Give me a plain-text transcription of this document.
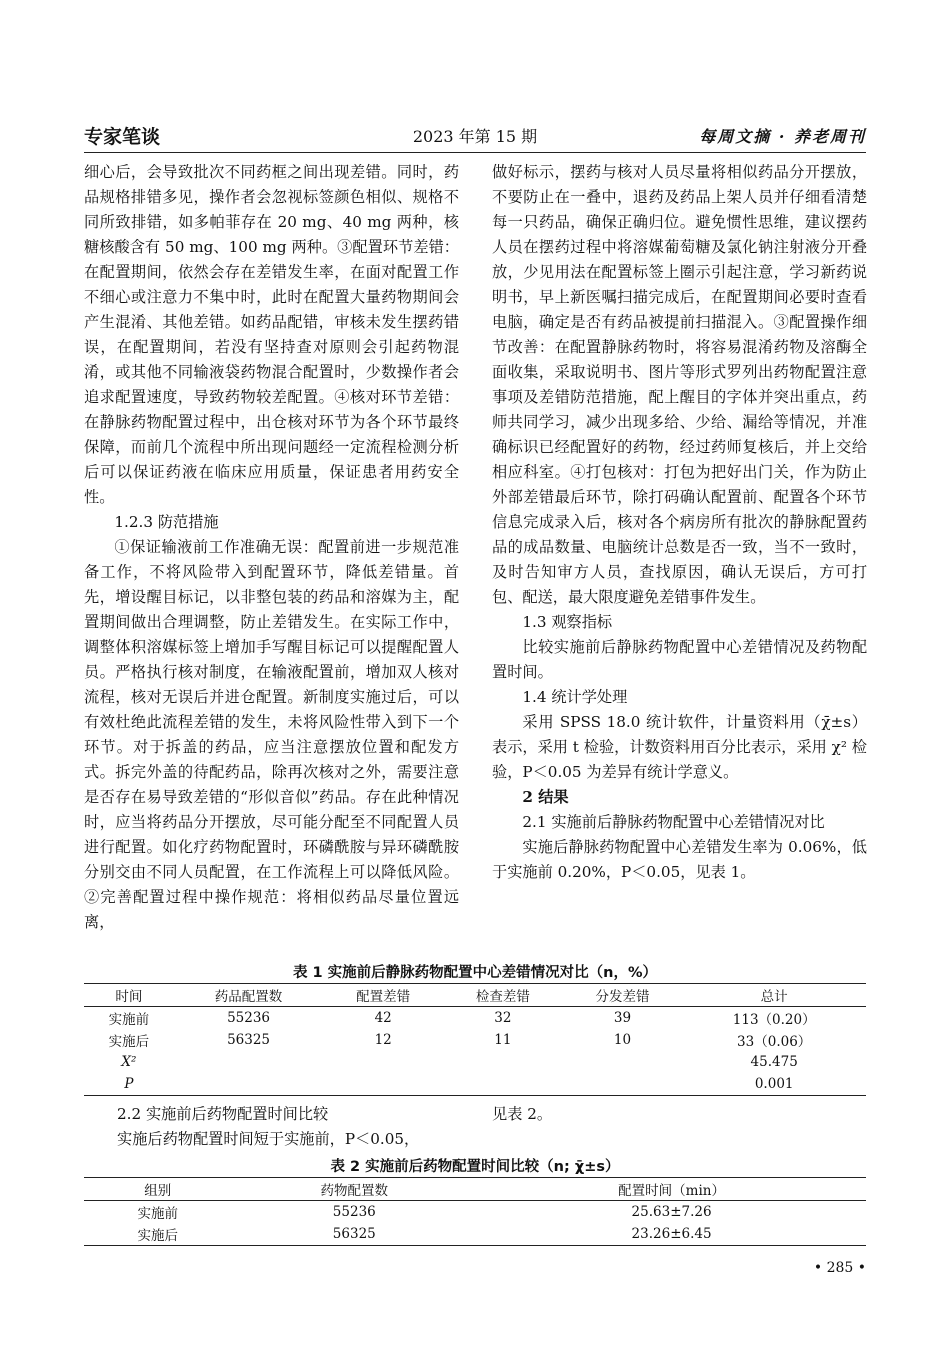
专家笔谈	2023 年第 15 期	每周文摘 · 养老周刊

细心后，会导致批次不同药框之间出现差错。同时，药品规格排错多见，操作者会忽视标签颜色相似、规格不同所致排错，如多帕菲存在 20 mg、40 mg 两种，核糖核酸含有 50 mg、100 mg 两种。③配置环节差错：在配置期间，依然会存在差错发生率，在面对配置工作不细心或注意力不集中时，此时在配置大量药物期间会产生混淆、其他差错。如药品配错，审核未发生摆药错误，在配置期间，若没有坚持查对原则会引起药物混淆，或其他不同输液袋药物混合配置时，少数操作者会追求配置速度，导致药物较差配置。④核对环节差错：在静脉药物配置过程中，出仓核对环节为各个环节最终保障，而前几个流程中所出现问题经一定流程检测分析后可以保证药液在临床应用质量，保证患者用药安全性。

1.2.3 防范措施

①保证输液前工作准确无误：配置前进一步规范准备工作，不将风险带入到配置环节，降低差错量。首先，增设醒目标记，以非整包装的药品和溶媒为主，配置期间做出合理调整，防止差错发生。在实际工作中，调整体积溶媒标签上增加手写醒目标记可以提醒配置人员。严格执行核对制度，在输液配置前，增加双人核对流程，核对无误后并进仓配置。新制度实施过后，可以有效杜绝此流程差错的发生，未将风险性带入到下一个环节。对于拆盖的药品，应当注意摆放位置和配发方式。拆完外盖的待配药品，除再次核对之外，需要注意是否存在易导致差错的“形似音似”药品。存在此种情况时，应当将药品分开摆放，尽可能分配至不同配置人员进行配置。如化疗药物配置时，环磷酰胺与异环磷酰胺分别交由不同人员配置，在工作流程上可以降低风险。②完善配置过程中操作规范：将相似药品尽量位置远离，

做好标示，摆药与核对人员尽量将相似药品分开摆放，不要防止在一叠中，退药及药品上架人员并仔细看清楚每一只药品，确保正确归位。避免惯性思维，建议摆药人员在摆药过程中将溶媒葡萄糖及氯化钠注射液分开叠放，少见用法在配置标签上圈示引起注意，学习新药说明书，早上新医嘱扫描完成后，在配置期间必要时查看电脑，确定是否有药品被提前扫描混入。③配置操作细节改善：在配置静脉药物时，将容易混淆药物及溶酶全面收集，采取说明书、图片等形式罗列出药物配置注意事项及差错防范措施，配上醒目的字体并突出重点，药师共同学习，减少出现多给、少给、漏给等情况，并准确标识已经配置好的药物，经过药师复核后，并上交给相应科室。④打包核对：打包为把好出门关，作为防止外部差错最后环节，除打码确认配置前、配置各个环节信息完成录入后，核对各个病房所有批次的静脉配置药品的成品数量、电脑统计总数是否一致，当不一致时，及时告知审方人员，查找原因，确认无误后，方可打包、配送，最大限度避免差错事件发生。

1.3 观察指标

比较实施前后静脉药物配置中心差错情况及药物配置时间。

1.4 统计学处理

采用 SPSS 18.0 统计软件，计量资料用（χ̄±s）表示，采用 t 检验，计数资料用百分比表示，采用 χ² 检验，P＜0.05 为差异有统计学意义。

2 结果

2.1 实施前后静脉药物配置中心差错情况对比

实施后静脉药物配置中心差错发生率为 0.06%，低于实施前 0.20%，P＜0.05，见表 1。

表 1 实施前后静脉药物配置中心差错情况对比（n，%）
时间	药品配置数	配置差错	检查差错	分发差错	总计
实施前	55236	42	32	39	113（0.20）
实施后	56325	12	11	10	33（0.06）
X²					45.475
P					0.001
2.2 实施前后药物配置时间比较
实施后药物配置时间短于实施前，P＜0.05，
见表 2。
表 2 实施前后药物配置时间比较（n; χ̄±s）
组别	药物配置数	配置时间（min）
实施前	55236	25.63±7.26
实施后	56325	23.26±6.45
• 285 •
